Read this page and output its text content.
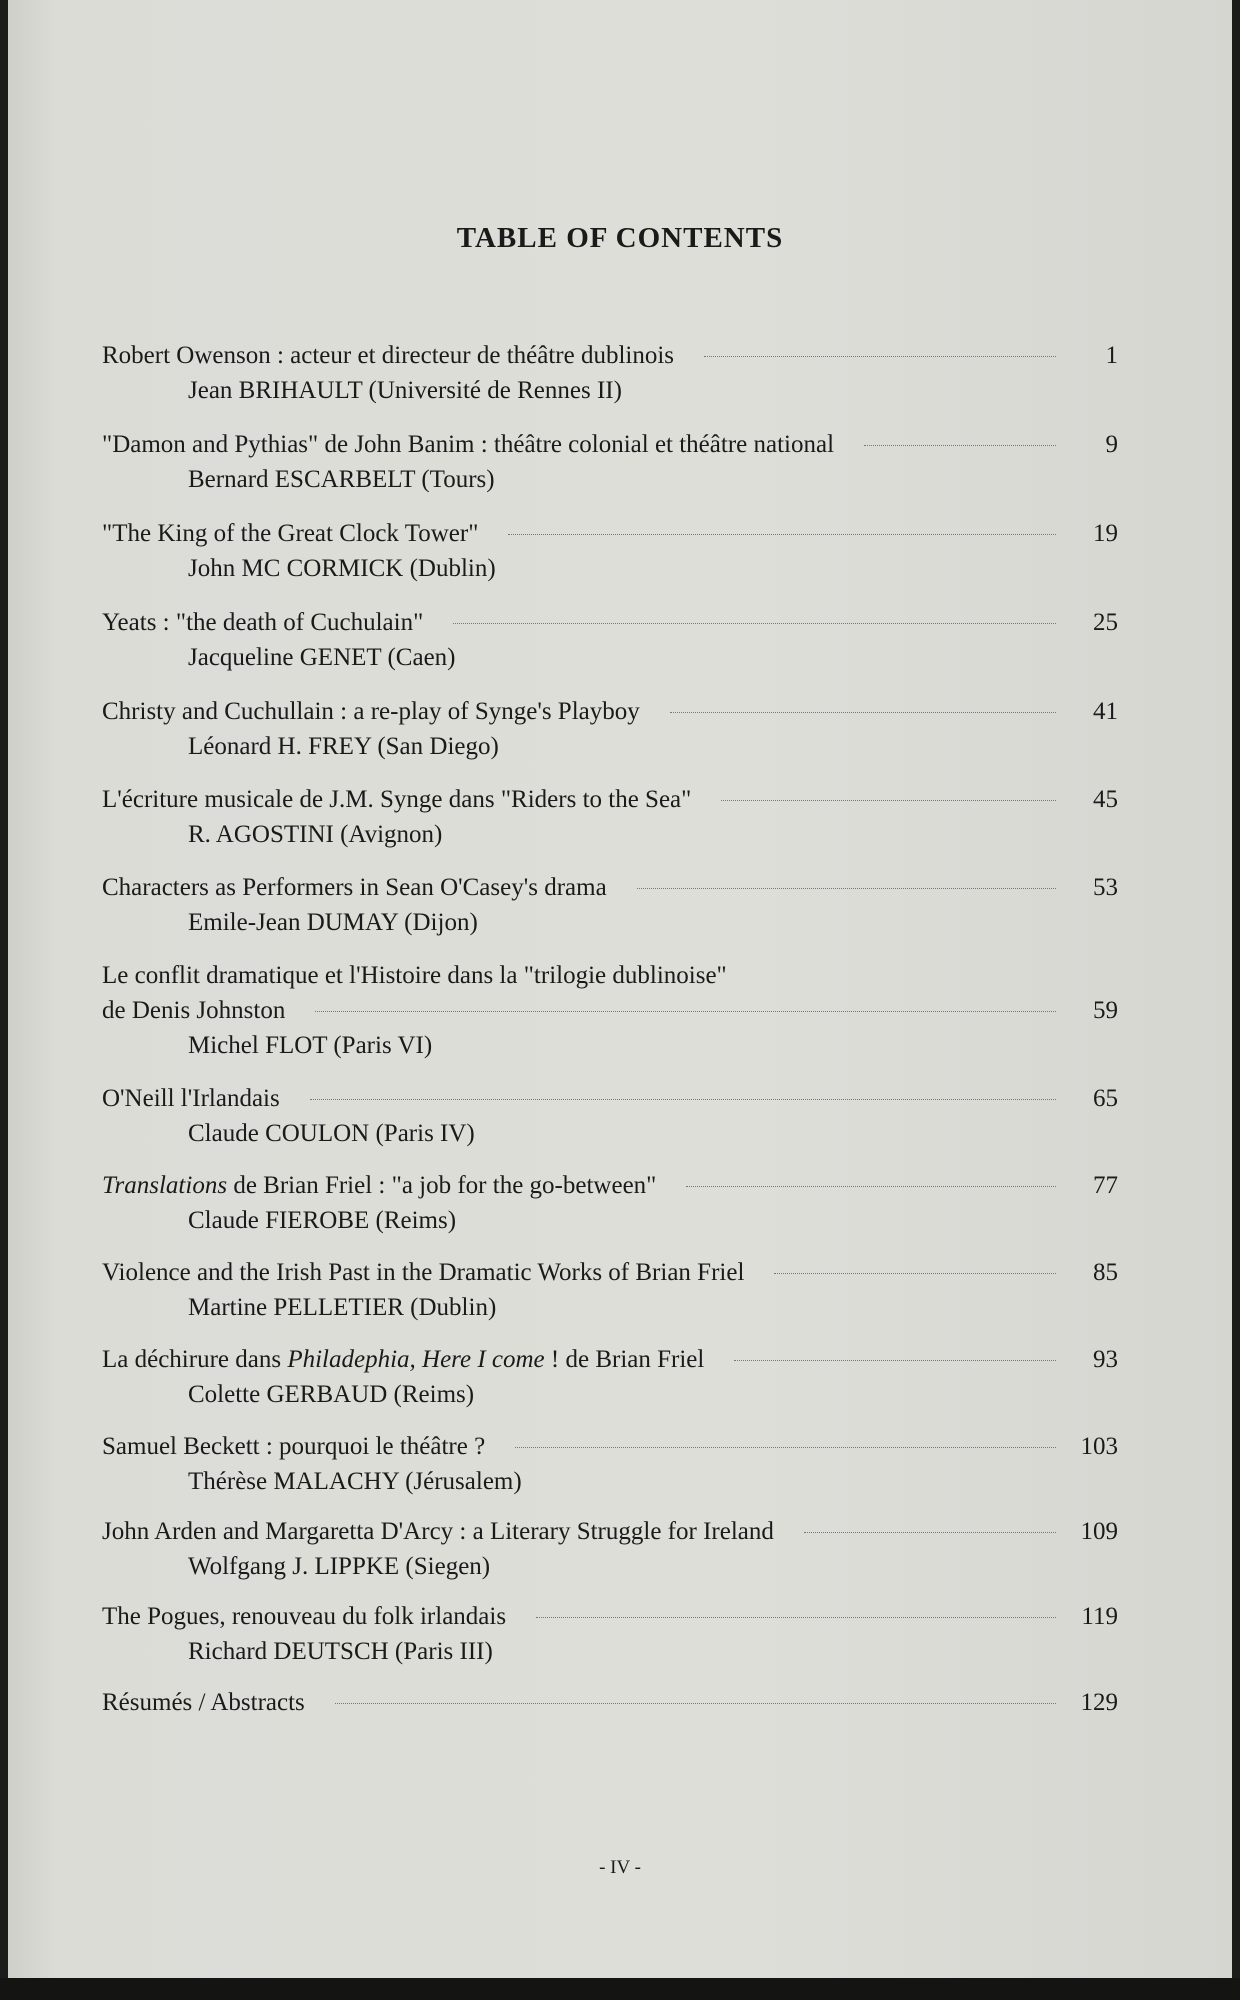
TABLE OF CONTENTS
Robert Owenson : acteur et directeur de théâtre dublinois	1
Jean BRIHAULT (Université de Rennes II)
"Damon and Pythias" de John Banim : théâtre colonial et théâtre national	9
Bernard ESCARBELT (Tours)
"The King of the Great Clock Tower"	19
John MC CORMICK (Dublin)
Yeats : "the death of Cuchulain"	25
Jacqueline GENET (Caen)
Christy and Cuchullain : a re-play of Synge's Playboy	41
Léonard H. FREY (San Diego)
L'écriture musicale de J.M. Synge dans "Riders to the Sea"	45
R. AGOSTINI (Avignon)
Characters as Performers in Sean O'Casey's drama	53
Emile-Jean DUMAY (Dijon)
Le conflit dramatique et l'Histoire dans la "trilogie dublinoise"
de Denis Johnston	59
Michel FLOT (Paris VI)
O'Neill l'Irlandais	65
Claude COULON (Paris IV)
Translations de Brian Friel : "a job for the go-between"	77
Claude FIEROBE (Reims)
Violence and the Irish Past in the Dramatic Works of Brian Friel	85
Martine PELLETIER (Dublin)
La déchirure dans Philadephia, Here I come ! de Brian Friel	93
Colette GERBAUD (Reims)
Samuel Beckett : pourquoi le théâtre ?	103
Thérèse MALACHY (Jérusalem)
John Arden and Margaretta D'Arcy : a Literary Struggle for Ireland	109
Wolfgang J. LIPPKE (Siegen)
The Pogues, renouveau du folk irlandais	119
Richard DEUTSCH (Paris III)
Résumés / Abstracts	129
- IV -
